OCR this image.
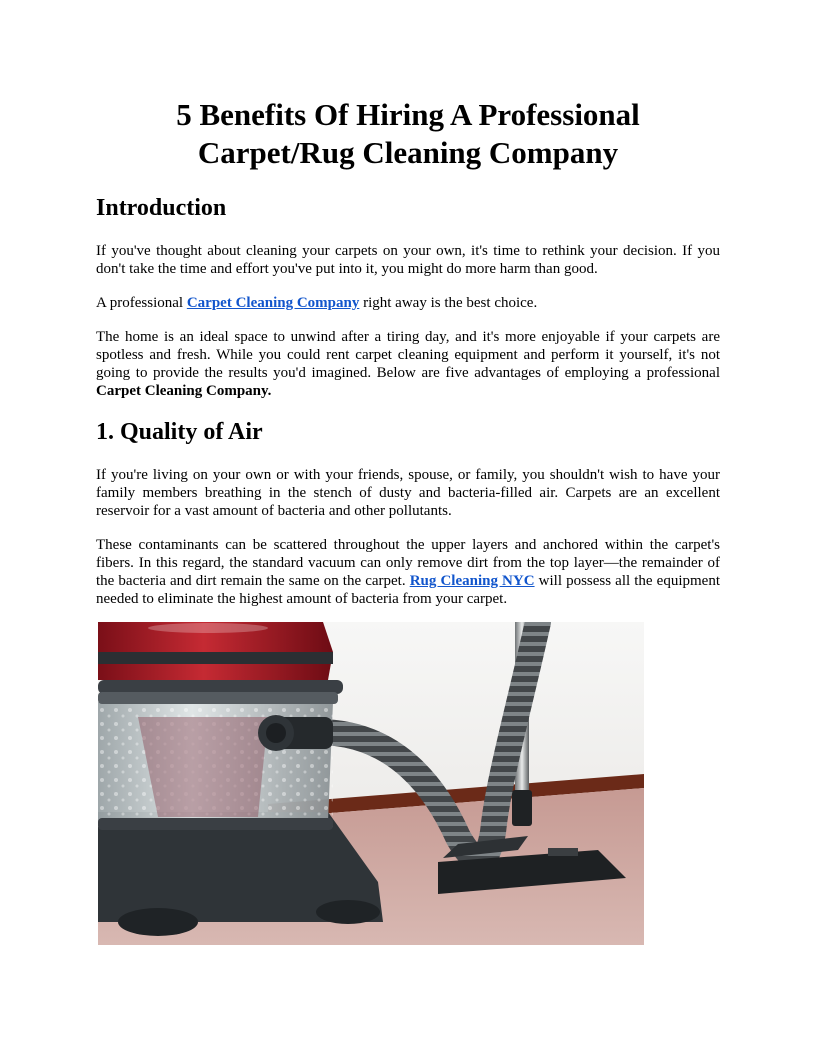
5 Benefits Of Hiring A Professional
Carpet/Rug Cleaning Company
Introduction

If you've thought about cleaning your carpets on your own, it's time to rethink your decision. If you don't take the time and effort you've put into it, you might do more harm than good.

A professional Carpet Cleaning Company right away is the best choice.

The home is an ideal space to unwind after a tiring day, and it's more enjoyable if your carpets are spotless and fresh. While you could rent carpet cleaning equipment and perform it yourself, it's not going to provide the results you'd imagined. Below are five advantages of employing a professional Carpet Cleaning Company.

1. Quality of Air

If you're living on your own or with your friends, spouse, or family, you shouldn't wish to have your family members breathing in the stench of dusty and bacteria-filled air. Carpets are an excellent reservoir for a vast amount of bacteria and other pollutants.

These contaminants can be scattered throughout the upper layers and anchored within the carpet's fibers. In this regard, the standard vacuum can only remove dirt from the top layer—the remainder of the bacteria and dirt remain the same on the carpet. Rug Cleaning NYC will possess all the equipment needed to eliminate the highest amount of bacteria from your carpet.
